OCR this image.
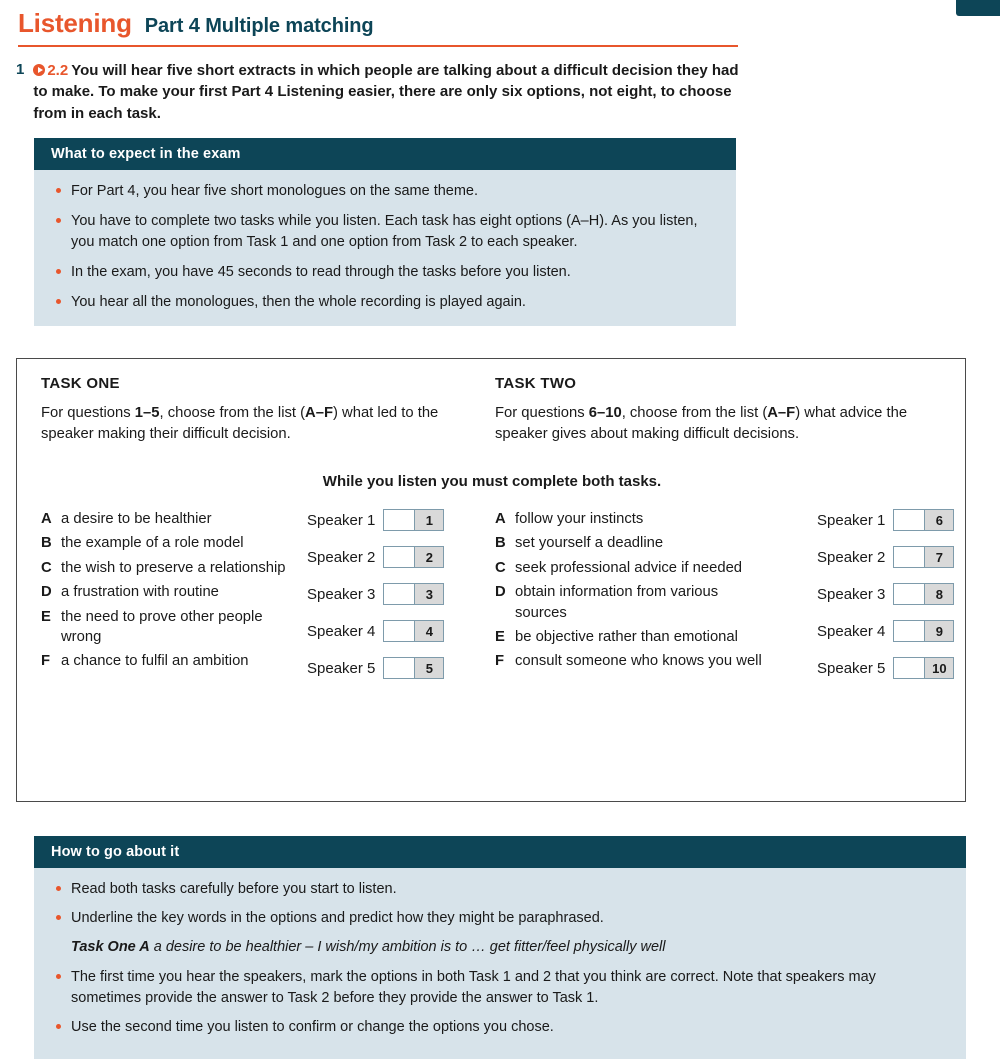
Listening Part 4 Multiple matching
1	2.2 You will hear five short extracts in which people are talking about a difficult decision they had to make. To make your first Part 4 Listening easier, there are only six options, not eight, to choose from in each task.
What to expect in the exam
For Part 4, you hear five short monologues on the same theme.
You have to complete two tasks while you listen. Each task has eight options (A–H). As you listen, you match one option from Task 1 and one option from Task 2 to each speaker.
In the exam, you have 45 seconds to read through the tasks before you listen.
You hear all the monologues, then the whole recording is played again.
TASK ONE
For questions 1–5, choose from the list (A–F) what led to the speaker making their difficult decision.
TASK TWO
For questions 6–10, choose from the list (A–F) what advice the speaker gives about making difficult decisions.
While you listen you must complete both tasks.
A a desire to be healthier
B the example of a role model
C the wish to preserve a relationship
D a frustration with routine
E the need to prove other people wrong
F a chance to fulfil an ambition
Speaker 1	1
Speaker 2	2
Speaker 3	3
Speaker 4	4
Speaker 5	5
A follow your instincts
B set yourself a deadline
C seek professional advice if needed
D obtain information from various sources
E be objective rather than emotional
F consult someone who knows you well
Speaker 1	6
Speaker 2	7
Speaker 3	8
Speaker 4	9
Speaker 5	10
How to go about it
Read both tasks carefully before you start to listen.
Underline the key words in the options and predict how they might be paraphrased.
Task One A a desire to be healthier – I wish/my ambition is to … get fitter/feel physically well
The first time you hear the speakers, mark the options in both Task 1 and 2 that you think are correct. Note that speakers may sometimes provide the answer to Task 2 before they provide the answer to Task 1.
Use the second time you listen to confirm or change the options you chose.
